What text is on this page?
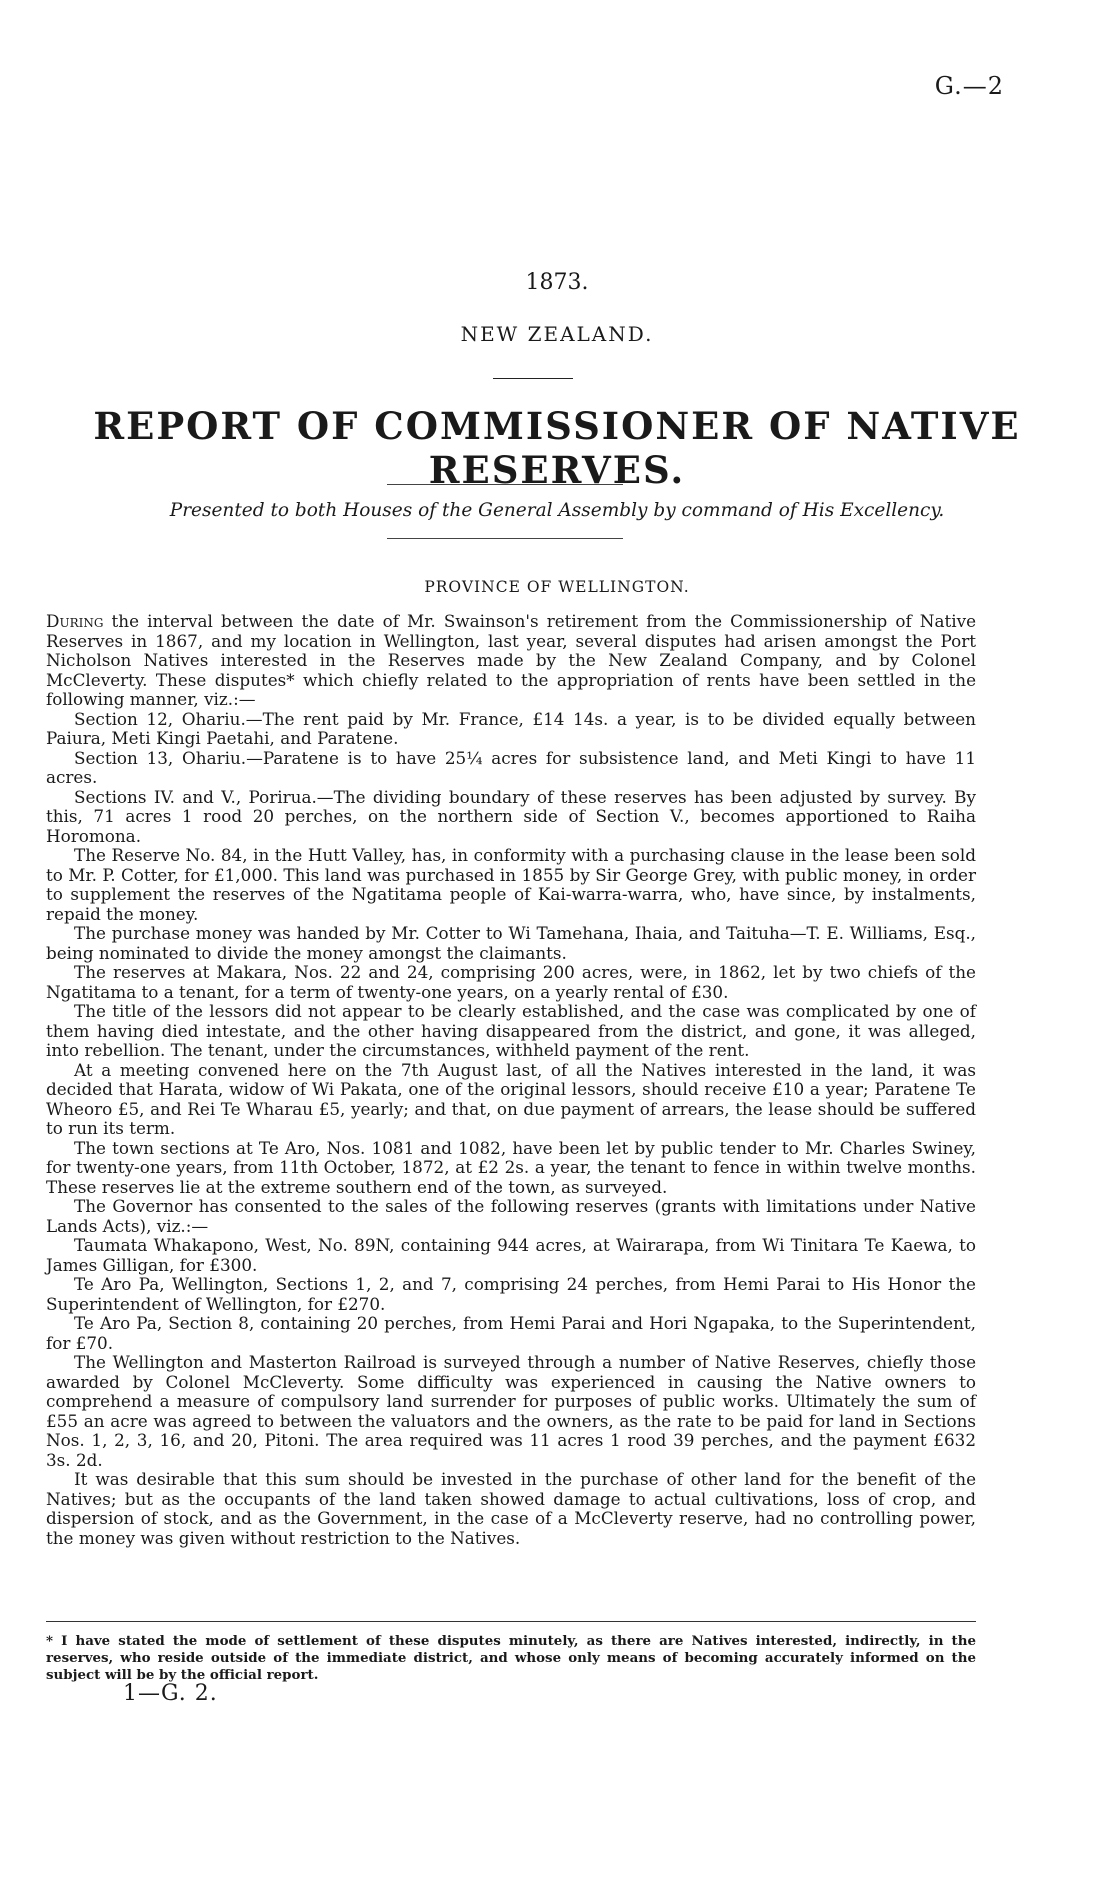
G.—2
1873.
NEW ZEALAND.
REPORT OF COMMISSIONER OF NATIVE RESERVES.
Presented to both Houses of the General Assembly by command of His Excellency.
PROVINCE OF WELLINGTON.

During the interval between the date of Mr. Swainson's retirement from the Commissionership of Native Reserves in 1867, and my location in Wellington, last year, several disputes had arisen amongst the Port Nicholson Natives interested in the Reserves made by the New Zealand Company, and by Colonel McCleverty. These disputes* which chiefly related to the appropriation of rents have been settled in the following manner, viz.:—

Section 12, Ohariu.—The rent paid by Mr. France, £14 14s. a year, is to be divided equally between Paiura, Meti Kingi Paetahi, and Paratene.

Section 13, Ohariu.—Paratene is to have 25¼ acres for subsistence land, and Meti Kingi to have 11 acres.

Sections IV. and V., Porirua.—The dividing boundary of these reserves has been adjusted by survey. By this, 71 acres 1 rood 20 perches, on the northern side of Section V., becomes apportioned to Raiha Horomona.

The Reserve No. 84, in the Hutt Valley, has, in conformity with a purchasing clause in the lease been sold to Mr. P. Cotter, for £1,000. This land was purchased in 1855 by Sir George Grey, with public money, in order to supplement the reserves of the Ngatitama people of Kai-warra-warra, who, have since, by instalments, repaid the money.

The purchase money was handed by Mr. Cotter to Wi Tamehana, Ihaia, and Taituha—T. E. Williams, Esq., being nominated to divide the money amongst the claimants.

The reserves at Makara, Nos. 22 and 24, comprising 200 acres, were, in 1862, let by two chiefs of the Ngatitama to a tenant, for a term of twenty-one years, on a yearly rental of £30.

The title of the lessors did not appear to be clearly established, and the case was complicated by one of them having died intestate, and the other having disappeared from the district, and gone, it was alleged, into rebellion. The tenant, under the circumstances, withheld payment of the rent.

At a meeting convened here on the 7th August last, of all the Natives interested in the land, it was decided that Harata, widow of Wi Pakata, one of the original lessors, should receive £10 a year; Paratene Te Wheoro £5, and Rei Te Wharau £5, yearly; and that, on due payment of arrears, the lease should be suffered to run its term.

The town sections at Te Aro, Nos. 1081 and 1082, have been let by public tender to Mr. Charles Swiney, for twenty-one years, from 11th October, 1872, at £2 2s. a year, the tenant to fence in within twelve months. These reserves lie at the extreme southern end of the town, as surveyed.

The Governor has consented to the sales of the following reserves (grants with limitations under Native Lands Acts), viz.:—

Taumata Whakapono, West, No. 89N, containing 944 acres, at Wairarapa, from Wi Tinitara Te Kaewa, to James Gilligan, for £300.

Te Aro Pa, Wellington, Sections 1, 2, and 7, comprising 24 perches, from Hemi Parai to His Honor the Superintendent of Wellington, for £270.

Te Aro Pa, Section 8, containing 20 perches, from Hemi Parai and Hori Ngapaka, to the Superintendent, for £70.

The Wellington and Masterton Railroad is surveyed through a number of Native Reserves, chiefly those awarded by Colonel McCleverty. Some difficulty was experienced in causing the Native owners to comprehend a measure of compulsory land surrender for purposes of public works. Ultimately the sum of £55 an acre was agreed to between the valuators and the owners, as the rate to be paid for land in Sections Nos. 1, 2, 3, 16, and 20, Pitoni. The area required was 11 acres 1 rood 39 perches, and the payment £632 3s. 2d.

It was desirable that this sum should be invested in the purchase of other land for the benefit of the Natives; but as the occupants of the land taken showed damage to actual cultivations, loss of crop, and dispersion of stock, and as the Government, in the case of a McCleverty reserve, had no controlling power, the money was given without restriction to the Natives.

* I have stated the mode of settlement of these disputes minutely, as there are Natives interested, indirectly, in the reserves, who reside outside of the immediate district, and whose only means of becoming accurately informed on the subject will be by the official report.
1—G. 2.
